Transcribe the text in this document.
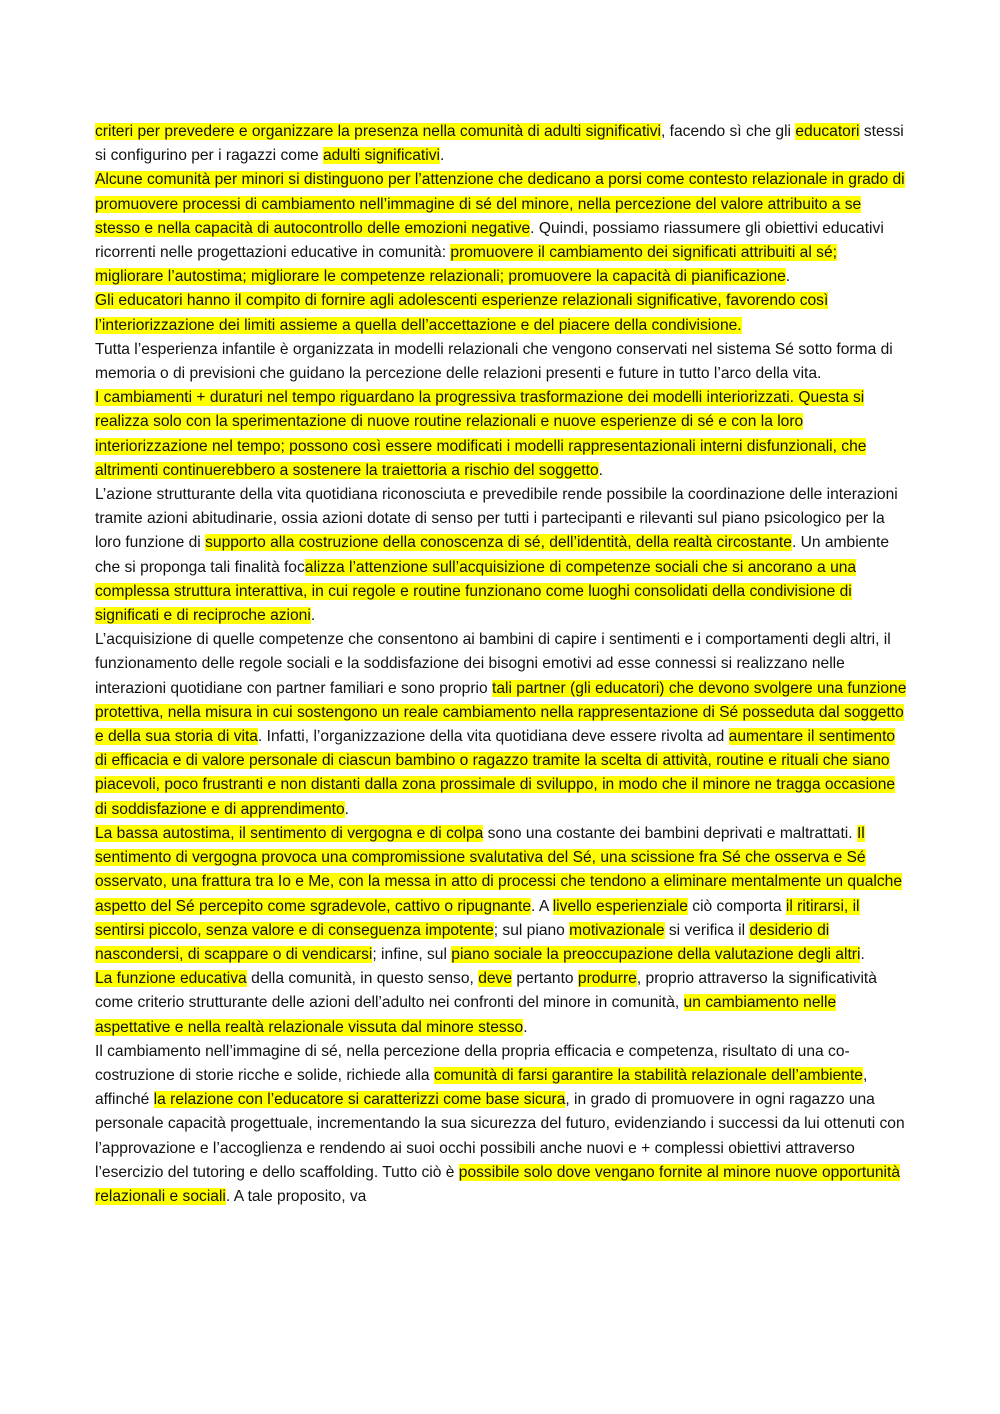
criteri per prevedere e organizzare la presenza nella comunità di adulti significativi, facendo sì che gli educatori stessi si configurino per i ragazzi come adulti significativi.

Alcune comunità per minori si distinguono per l’attenzione che dedicano a porsi come contesto relazionale in grado di promuovere processi di cambiamento nell’immagine di sé del minore, nella percezione del valore attribuito a se stesso e nella capacità di autocontrollo delle emozioni negative. Quindi, possiamo riassumere gli obiettivi educativi ricorrenti nelle progettazioni educative in comunità: promuovere il cambiamento dei significati attribuiti al sé; migliorare l’autostima; migliorare le competenze relazionali; promuovere la capacità di pianificazione.

Gli educatori hanno il compito di fornire agli adolescenti esperienze relazionali significative, favorendo così l’interiorizzazione dei limiti assieme a quella dell’accettazione e del piacere della condivisione.

Tutta l’esperienza infantile è organizzata in modelli relazionali che vengono conservati nel sistema Sé sotto forma di memoria o di previsioni che guidano la percezione delle relazioni presenti e future in tutto l’arco della vita.

I cambiamenti + duraturi nel tempo riguardano la progressiva trasformazione dei modelli interiorizzati. Questa si realizza solo con la sperimentazione di nuove routine relazionali e nuove esperienze di sé e con la loro interiorizzazione nel tempo; possono così essere modificati i modelli rappresentazionali interni disfunzionali, che altrimenti continuerebbero a sostenere la traiettoria a rischio del soggetto.

L’azione strutturante della vita quotidiana riconosciuta e prevedibile rende possibile la coordinazione delle interazioni tramite azioni abitudinarie, ossia azioni dotate di senso per tutti i partecipanti e rilevanti sul piano psicologico per la loro funzione di supporto alla costruzione della conoscenza di sé, dell’identità, della realtà circostante. Un ambiente che si proponga tali finalità focalizza l’attenzione sull’acquisizione di competenze sociali che si ancorano a una complessa struttura interattiva, in cui regole e routine funzionano come luoghi consolidati della condivisione di significati e di reciproche azioni.

L’acquisizione di quelle competenze che consentono ai bambini di capire i sentimenti e i comportamenti degli altri, il funzionamento delle regole sociali e la soddisfazione dei bisogni emotivi ad esse connessi si realizzano nelle interazioni quotidiane con partner familiari e sono proprio tali partner (gli educatori) che devono svolgere una funzione protettiva, nella misura in cui sostengono un reale cambiamento nella rappresentazione di Sé posseduta dal soggetto e della sua storia di vita. Infatti, l’organizzazione della vita quotidiana deve essere rivolta ad aumentare il sentimento di efficacia e di valore personale di ciascun bambino o ragazzo tramite la scelta di attività, routine e rituali che siano piacevoli, poco frustranti e non distanti dalla zona prossimale di sviluppo, in modo che il minore ne tragga occasione di soddisfazione e di apprendimento.

La bassa autostima, il sentimento di vergogna e di colpa sono una costante dei bambini deprivati e maltrattati. Il sentimento di vergogna provoca una compromissione svalutativa del Sé, una scissione fra Sé che osserva e Sé osservato, una frattura tra Io e Me, con la messa in atto di processi che tendono a eliminare mentalmente un qualche aspetto del Sé percepito come sgradevole, cattivo o ripugnante. A livello esperienziale ciò comporta il ritirarsi, il sentirsi piccolo, senza valore e di conseguenza impotente; sul piano motivazionale si verifica il desiderio di nascondersi, di scappare o di vendicarsi; infine, sul piano sociale la preoccupazione della valutazione degli altri.

La funzione educativa della comunità, in questo senso, deve pertanto produrre, proprio attraverso la significatività come criterio strutturante delle azioni dell’adulto nei confronti del minore in comunità, un cambiamento nelle aspettative e nella realtà relazionale vissuta dal minore stesso.

Il cambiamento nell’immagine di sé, nella percezione della propria efficacia e competenza, risultato di una co-costruzione di storie ricche e solide, richiede alla comunità di farsi garantire la stabilità relazionale dell’ambiente, affinché la relazione con l’educatore si caratterizzi come base sicura, in grado di promuovere in ogni ragazzo una personale capacità progettuale, incrementando la sua sicurezza del futuro, evidenziando i successi da lui ottenuti con l’approvazione e l’accoglienza e rendendo ai suoi occhi possibili anche nuovi e + complessi obiettivi attraverso l’esercizio del tutoring e dello scaffolding. Tutto ciò è possibile solo dove vengano fornite al minore nuove opportunità relazionali e sociali. A tale proposito, va
